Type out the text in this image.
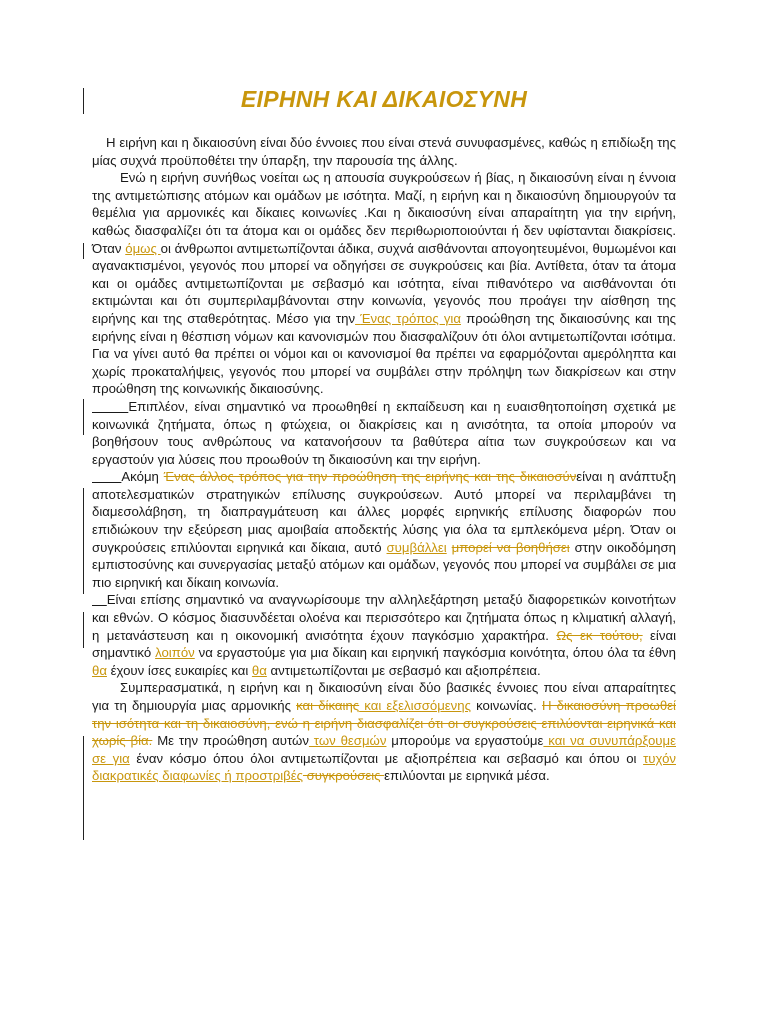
ΕΙΡΗΝΗ ΚΑΙ ΔΙΚΑΙΟΣΥΝΗ

Η ειρήνη και η δικαιοσύνη είναι δύο έννοιες που είναι στενά συνυφασμένες, καθώς η επιδίωξη της μίας συχνά προϋποθέτει την ύπαρξη, την παρουσία της άλλης.

Ενώ η ειρήνη συνήθως νοείται ως η απουσία συγκρούσεων ή βίας, η δικαιοσύνη είναι η έννοια της αντιμετώπισης ατόμων και ομάδων με ισότητα. Μαζί, η ειρήνη και η δικαιοσύνη δημιουργούν τα θεμέλια για αρμονικές και δίκαιες κοινωνίες .Και η δικαιοσύνη είναι απαραίτητη για την ειρήνη, καθώς διασφαλίζει ότι τα άτομα και οι ομάδες δεν περιθωριοποιούνται ή δεν υφίστανται διακρίσεις. Όταν όμως οι άνθρωποι αντιμετωπίζονται άδικα, συχνά αισθάνονται απογοητευμένοι, θυμωμένοι και αγανακτισμένοι, γεγονός που μπορεί να οδηγήσει σε συγκρούσεις και βία. Αντίθετα, όταν τα άτομα και οι ομάδες αντιμετωπίζονται με σεβασμό και ισότητα, είναι πιθανότερο να αισθάνονται ότι εκτιμώνται και ότι συμπεριλαμβάνονται στην κοινωνία, γεγονός που προάγει την αίσθηση της ειρήνης και της σταθερότητας. Μέσο για την Ένας τρόπος για προώθηση της δικαιοσύνης και της ειρήνης είναι η θέσπιση νόμων και κανονισμών που διασφαλίζουν ότι όλοι αντιμετωπίζονται ισότιμα. Για να γίνει αυτό θα πρέπει οι νόμοι και οι κανονισμοί θα πρέπει να εφαρμόζονται αμερόληπτα και χωρίς προκαταλήψεις, γεγονός που μπορεί να συμβάλει στην πρόληψη των διακρίσεων και στην προώθηση της κοινωνικής δικαιοσύνης.

Επιπλέον, είναι σημαντικό να προωθηθεί η εκπαίδευση και η ευαισθητοποίηση σχετικά με κοινωνικά ζητήματα, όπως η φτώχεια, οι διακρίσεις και η ανισότητα, τα οποία μπορούν να βοηθήσουν τους ανθρώπους να κατανοήσουν τα βαθύτερα αίτια των συγκρούσεων και να εργαστούν για λύσεις που προωθούν τη δικαιοσύνη και την ειρήνη.

Ακόμη Ένας άλλος τρόπος για την προώθηση της ειρήνης και της δικαιοσύνείναι η ανάπτυξη αποτελεσματικών στρατηγικών επίλυσης συγκρούσεων. Αυτό μπορεί να περιλαμβάνει τη διαμεσολάβηση, τη διαπραγμάτευση και άλλες μορφές ειρηνικής επίλυσης διαφορών που επιδιώκουν την εξεύρεση μιας αμοιβαία αποδεκτής λύσης για όλα τα εμπλεκόμενα μέρη. Όταν οι συγκρούσεις επιλύονται ειρηνικά και δίκαια, αυτό συμβάλλει μπορεί να βοηθήσει στην οικοδόμηση εμπιστοσύνης και συνεργασίας μεταξύ ατόμων και ομάδων, γεγονός που μπορεί να συμβάλει σε μια πιο ειρηνική και δίκαιη κοινωνία.

Είναι επίσης σημαντικό να αναγνωρίσουμε την αλληλεξάρτηση μεταξύ διαφορετικών κοινοτήτων και εθνών. Ο κόσμος διασυνδέεται ολοένα και περισσότερο και ζητήματα όπως η κλιματική αλλαγή, η μετανάστευση και η οικονομική ανισότητα έχουν παγκόσμιο χαρακτήρα. Ως εκ τούτου, είναι σημαντικό λοιπόν να εργαστούμε για μια δίκαιη και ειρηνική παγκόσμια κοινότητα, όπου όλα τα έθνη θα έχουν ίσες ευκαιρίες και θα αντιμετωπίζονται με σεβασμό και αξιοπρέπεια.

Συμπερασματικά, η ειρήνη και η δικαιοσύνη είναι δύο βασικές έννοιες που είναι απαραίτητες για τη δημιουργία μιας αρμονικής και δίκαιης και εξελισσόμενης κοινωνίας. Η δικαιοσύνη προωθεί την ισότητα και τη δικαιοσύνη, ενώ η ειρήνη διασφαλίζει ότι οι συγκρούσεις επιλύονται ειρηνικά και χωρίς βία. Με την προώθηση αυτών των θεσμών μπορούμε να εργαστούμε και να συνυπάρξουμε σε για έναν κόσμο όπου όλοι αντιμετωπίζονται με αξιοπρέπεια και σεβασμό και όπου οι τυχόν διακρατικές διαφωνίες ή προστριβές συγκρούσεις επιλύονται με ειρηνικά μέσα.
